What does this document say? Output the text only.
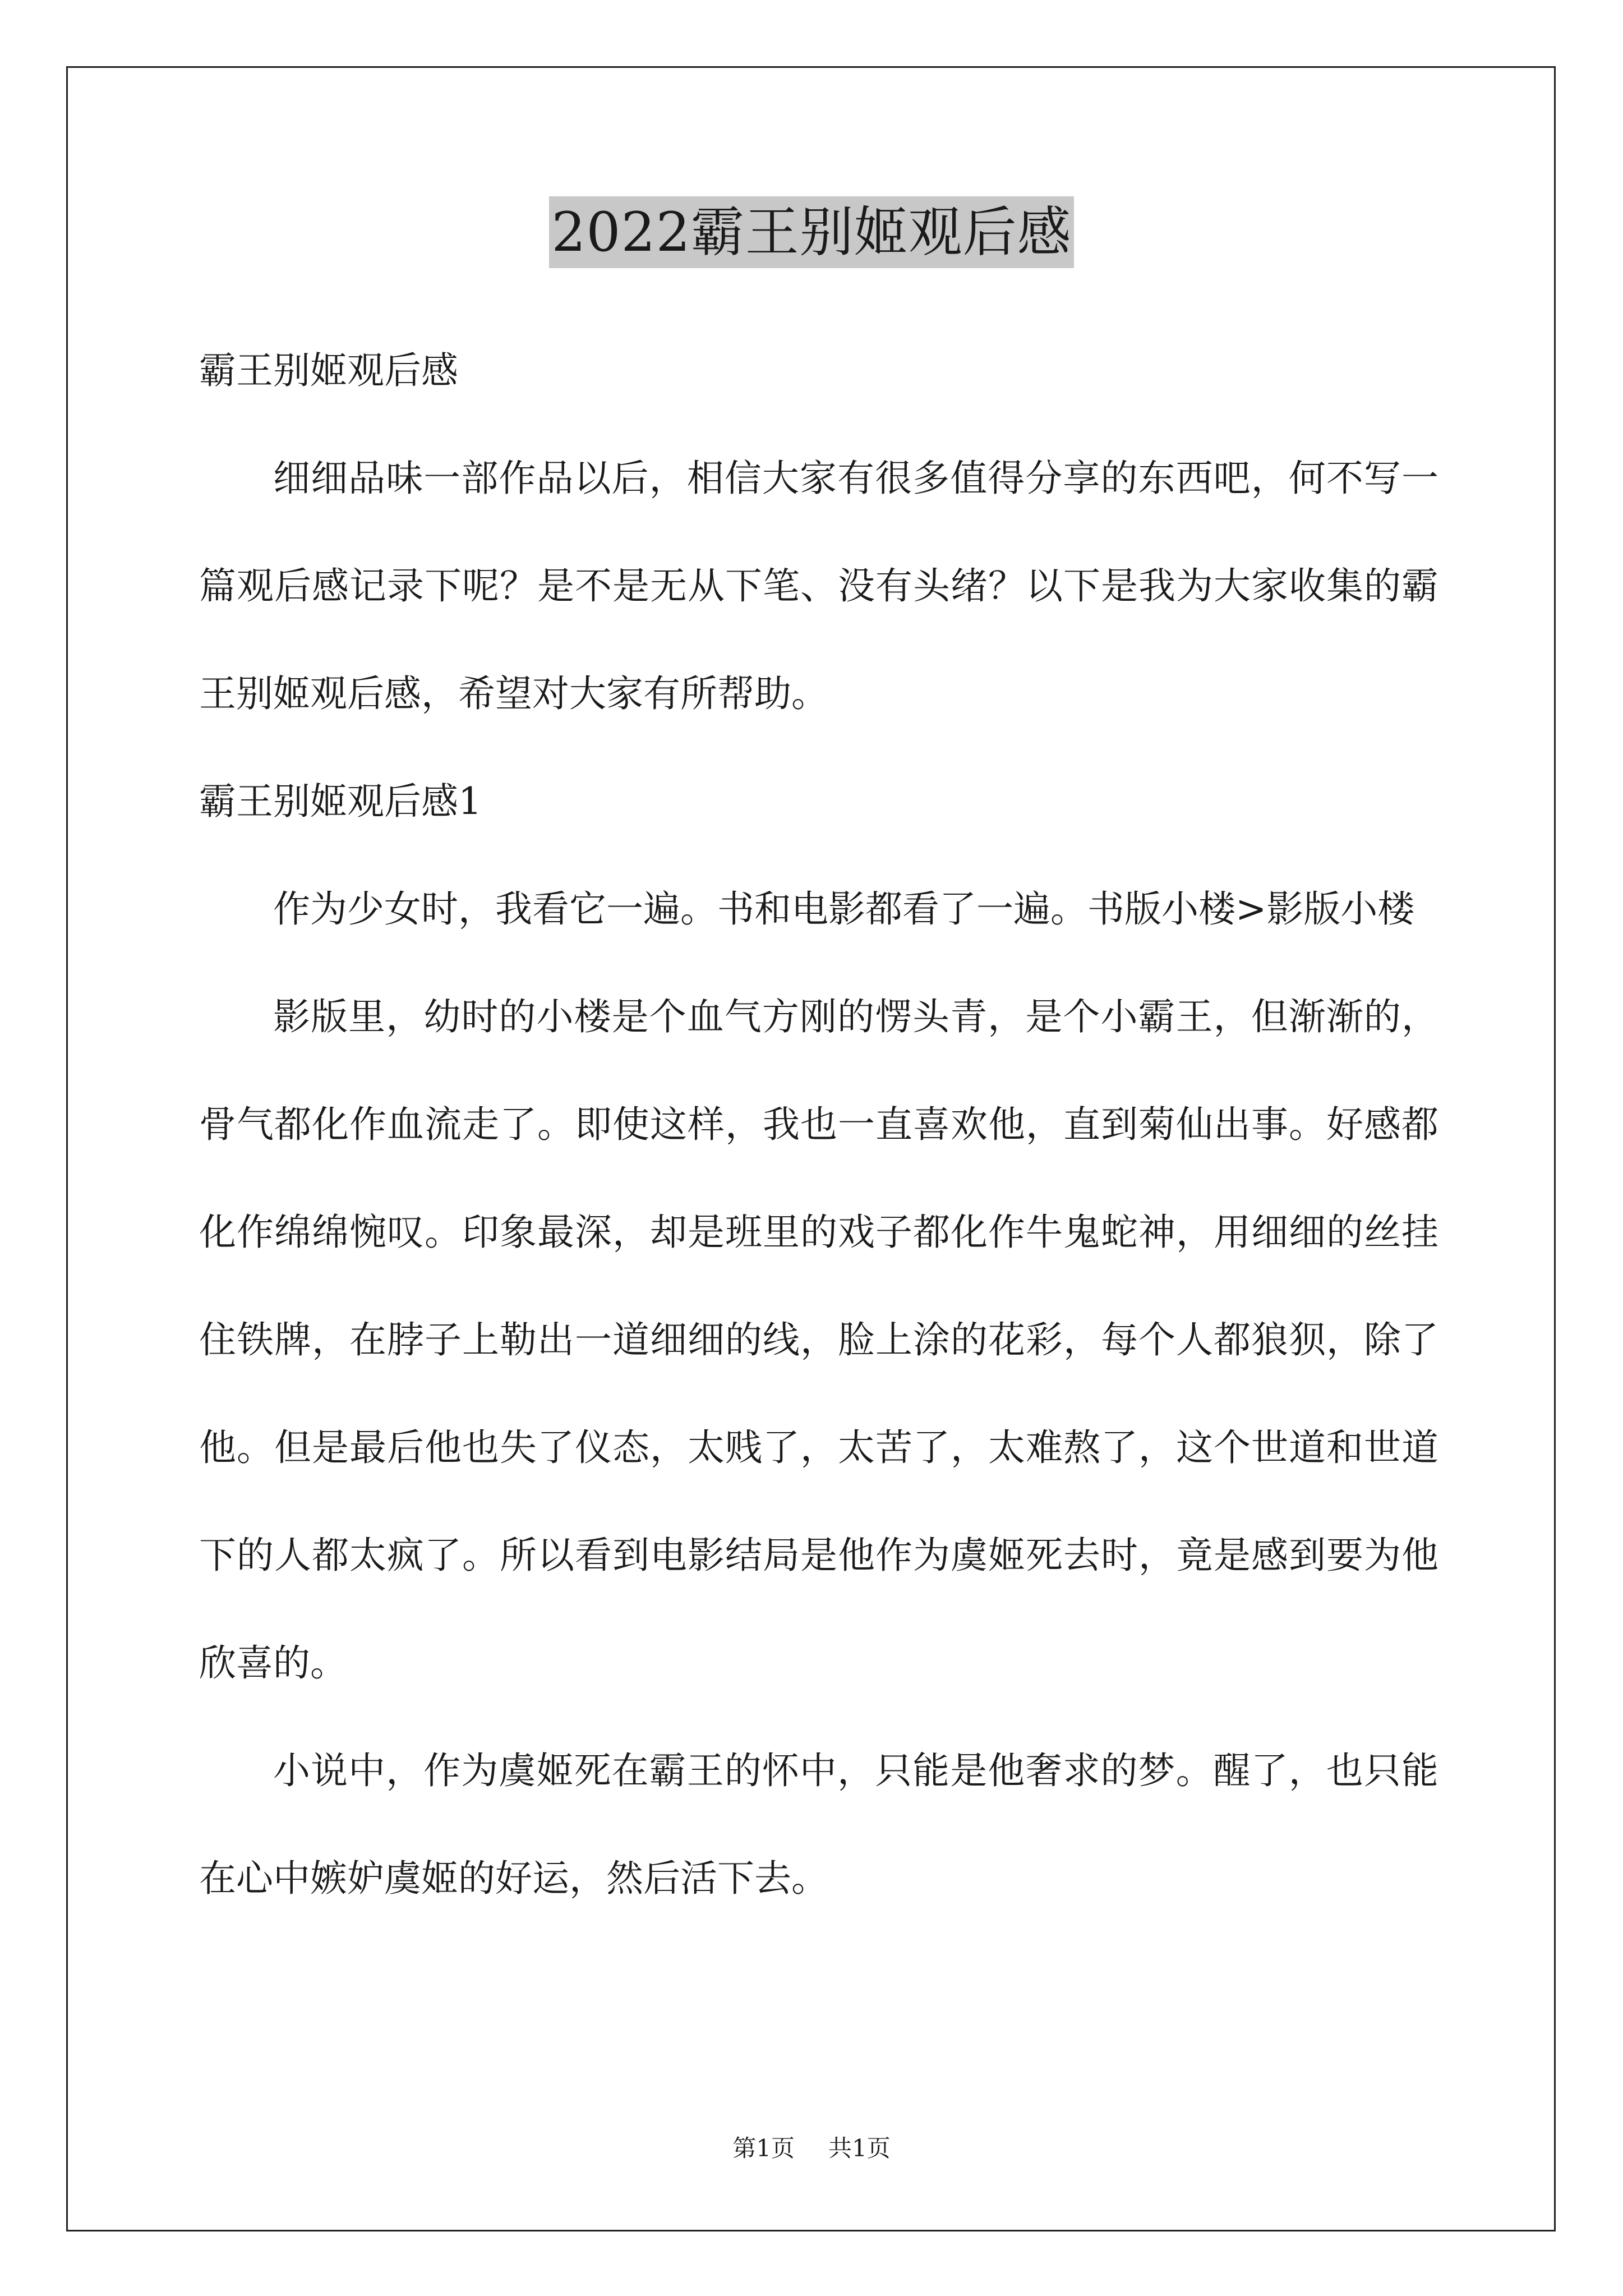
2022霸王别姬观后感

霸王别姬观后感

细细品味一部作品以后，相信大家有很多值得分享的东西吧，何不写一篇观后感记录下呢？是不是无从下笔、没有头绪？以下是我为大家收集的霸王别姬观后感，希望对大家有所帮助。

霸王别姬观后感1

作为少女时，我看它一遍。书和电影都看了一遍。书版小楼>影版小楼

影版里，幼时的小楼是个血气方刚的愣头青，是个小霸王，但渐渐的，骨气都化作血流走了。即使这样，我也一直喜欢他，直到菊仙出事。好感都化作绵绵惋叹。印象最深，却是班里的戏子都化作牛鬼蛇神，用细细的丝挂住铁牌，在脖子上勒出一道细细的线，脸上涂的花彩，每个人都狼狈，除了他。但是最后他也失了仪态，太贱了，太苦了，太难熬了，这个世道和世道下的人都太疯了。所以看到电影结局是他作为虞姬死去时，竟是感到要为他欣喜的。

小说中，作为虞姬死在霸王的怀中，只能是他奢求的梦。醒了，也只能在心中嫉妒虞姬的好运，然后活下去。

第1页 共1页
